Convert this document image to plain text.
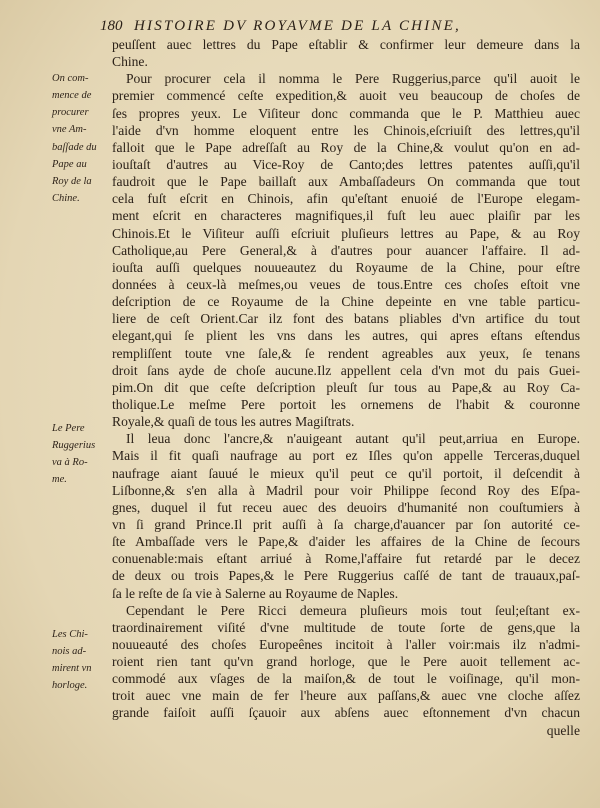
180 HISTOIRE DV ROYAVME DE LA CHINE,
peuſſent auec lettres du Pape eſtablir & confirmer leur demeure dans la
Chine.
Pour procurer cela il nomma le Pere Ruggerius,parce qu'il auoit le
premier commencé ceſte expedition,& auoit veu beaucoup de choſes de
ſes propres yeux. Le Viſiteur donc commanda que le P. Matthieu auec
l'aide d'vn homme eloquent entre les Chinois,eſcriuiſt des lettres,qu'il
falloit que le Pape adreſſaſt au Roy de la Chine,& voulut qu'on en ad-
iouſtaſt d'autres au Vice-Roy de Canto;des lettres patentes auſſi,qu'il
faudroit que le Pape baillaſt aux Ambaſſadeurs On commanda que tout
cela fuſt eſcrit en Chinois, afin qu'eſtant enuoié de l'Europe elegam-
ment eſcrit en characteres magnifiques,il fuſt leu auec plaiſir par les
Chinois.Et le Viſiteur auſſi eſcriuit pluſieurs lettres au Pape, & au Roy
Catholique,au Pere General,& à d'autres pour auancer l'affaire. Il ad-
iouſta auſſi quelques nouueautez du Royaume de la Chine, pour eſtre
données à ceux-là meſmes,ou veues de tous.Entre ces choſes eſtoit vne
deſcription de ce Royaume de la Chine depeinte en vne table particu-
liere de ceſt Orient.Car ilz font des batans pliables d'vn artifice du tout
elegant,qui ſe plient les vns dans les autres, qui apres eſtans eſtendus
rempliſſent toute vne ſale,& ſe rendent agreables aux yeux, ſe tenans
droit ſans ayde de choſe aucune.Ilz appellent cela d'vn mot du pais Guei-
pim.On dit que ceſte deſcription pleuſt ſur tous au Pape,& au Roy Ca-
tholique.Le meſme Pere portoit les ornemens de l'habit & couronne
Royale,& quaſi de tous les autres Magiſtrats.
Il leua donc l'ancre,& n'auigeant autant qu'il peut,arriua en Europe.
Mais il fit quaſi naufrage au port ez Iſles qu'on appelle Terceras,duquel
naufrage aiant ſauué le mieux qu'il peut ce qu'il portoit, il deſcendit à
Liſbonne,& s'en alla à Madril pour voir Philippe ſecond Roy des Eſpa-
gnes, duquel il fut receu auec des deuoirs d'humanité non couſtumiers à
vn ſi grand Prince.Il prit auſſi à ſa charge,d'auancer par ſon autorité ce-
ſte Ambaſſade vers le Pape,& d'aider les affaires de la Chine de ſecours
conuenable:mais eſtant arriué à Rome,l'affaire fut retardé par le decez
de deux ou trois Papes,& le Pere Ruggerius caſſé de tant de trauaux,paſ-
ſa le reſte de ſa vie à Salerne au Royaume de Naples.
Cependant le Pere Ricci demeura pluſieurs mois tout ſeul;eſtant ex-
traordinairement viſité d'vne multitude de toute ſorte de gens,que la
nouueauté des choſes Europeênes incitoit à l'aller voir:mais ilz n'admi-
roient rien tant qu'vn grand horloge, que le Pere auoit tellement ac-
commodé aux vſages de la maiſon,& de tout le voiſinage, qu'il mon-
troit auec vne main de fer l'heure aux paſſans,& auec vne cloche aſſez
grande faiſoit auſſi ſçauoir aux abſens auec eſtonnement d'vn chacun
quelle
On com-
mence de
procurer
vne Am-
baſſade du
Pape au
Roy de la
Chine.
Le Pere
Ruggerius
va à Ro-
me.
Les Chi-
nois ad-
mirent vn
horloge.
